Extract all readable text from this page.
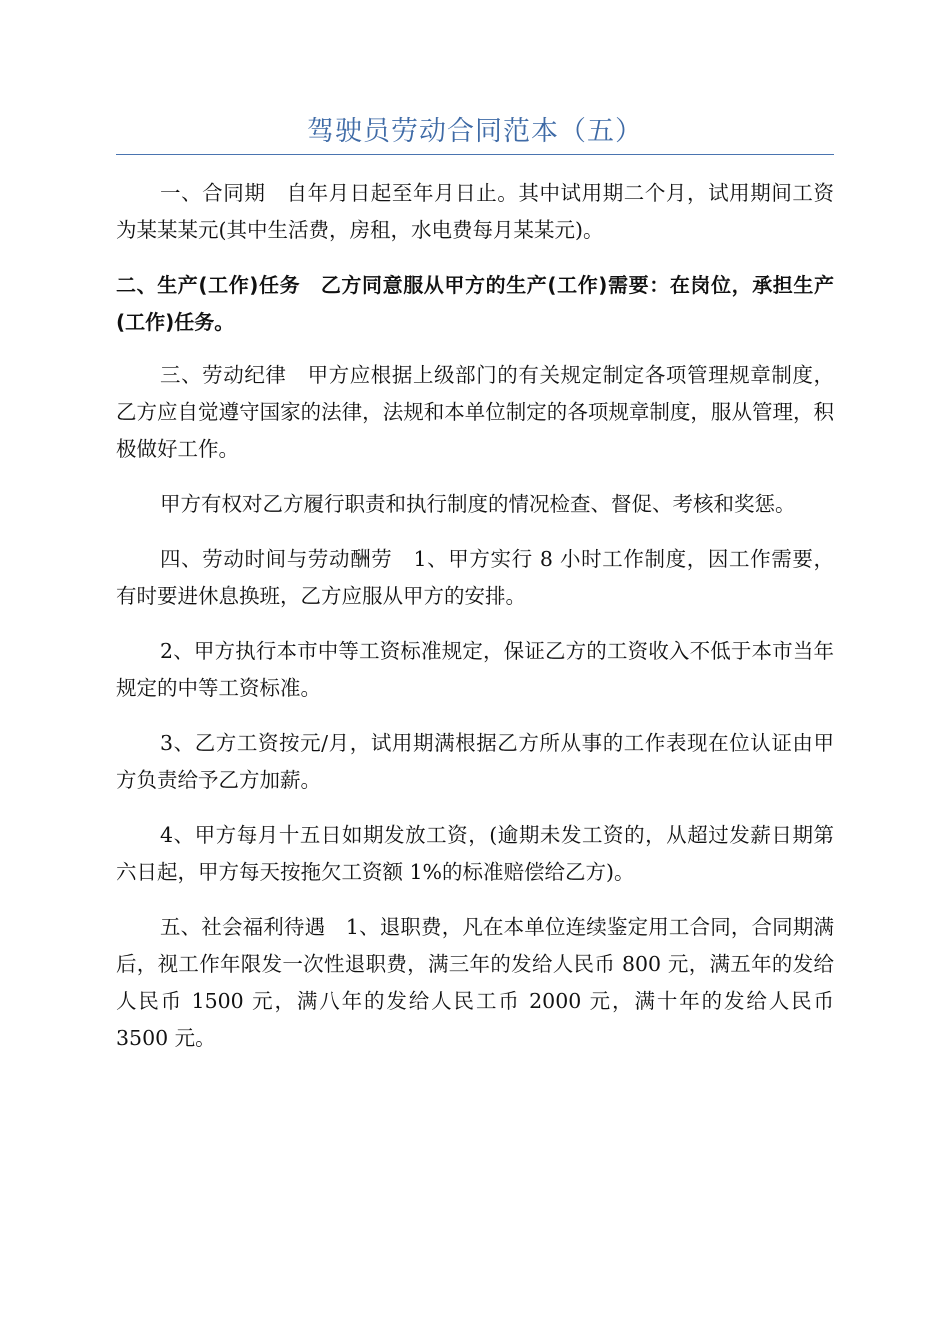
驾驶员劳动合同范本（五）

一、合同期　自年月日起至年月日止。其中试用期二个月，试用期间工资为某某某元(其中生活费，房租，水电费每月某某元)。

二、生产(工作)任务　乙方同意服从甲方的生产(工作)需要：在岗位，承担生产(工作)任务。

三、劳动纪律　甲方应根据上级部门的有关规定制定各项管理规章制度，乙方应自觉遵守国家的法律，法规和本单位制定的各项规章制度，服从管理，积极做好工作。

甲方有权对乙方履行职责和执行制度的情况检查、督促、考核和奖惩。

四、劳动时间与劳动酬劳　1、甲方实行 8 小时工作制度，因工作需要，有时要进休息换班，乙方应服从甲方的安排。

2、甲方执行本市中等工资标准规定，保证乙方的工资收入不低于本市当年规定的中等工资标准。

3、乙方工资按元/月，试用期满根据乙方所从事的工作表现在位认证由甲方负责给予乙方加薪。

4、甲方每月十五日如期发放工资，(逾期未发工资的，从超过发薪日期第六日起，甲方每天按拖欠工资额 1%的标准赔偿给乙方)。

五、社会福利待遇　1、退职费，凡在本单位连续鉴定用工合同，合同期满后，视工作年限发一次性退职费，满三年的发给人民币 800 元，满五年的发给人民币 1500 元，满八年的发给人民工币 2000 元，满十年的发给人民币 3500 元。
